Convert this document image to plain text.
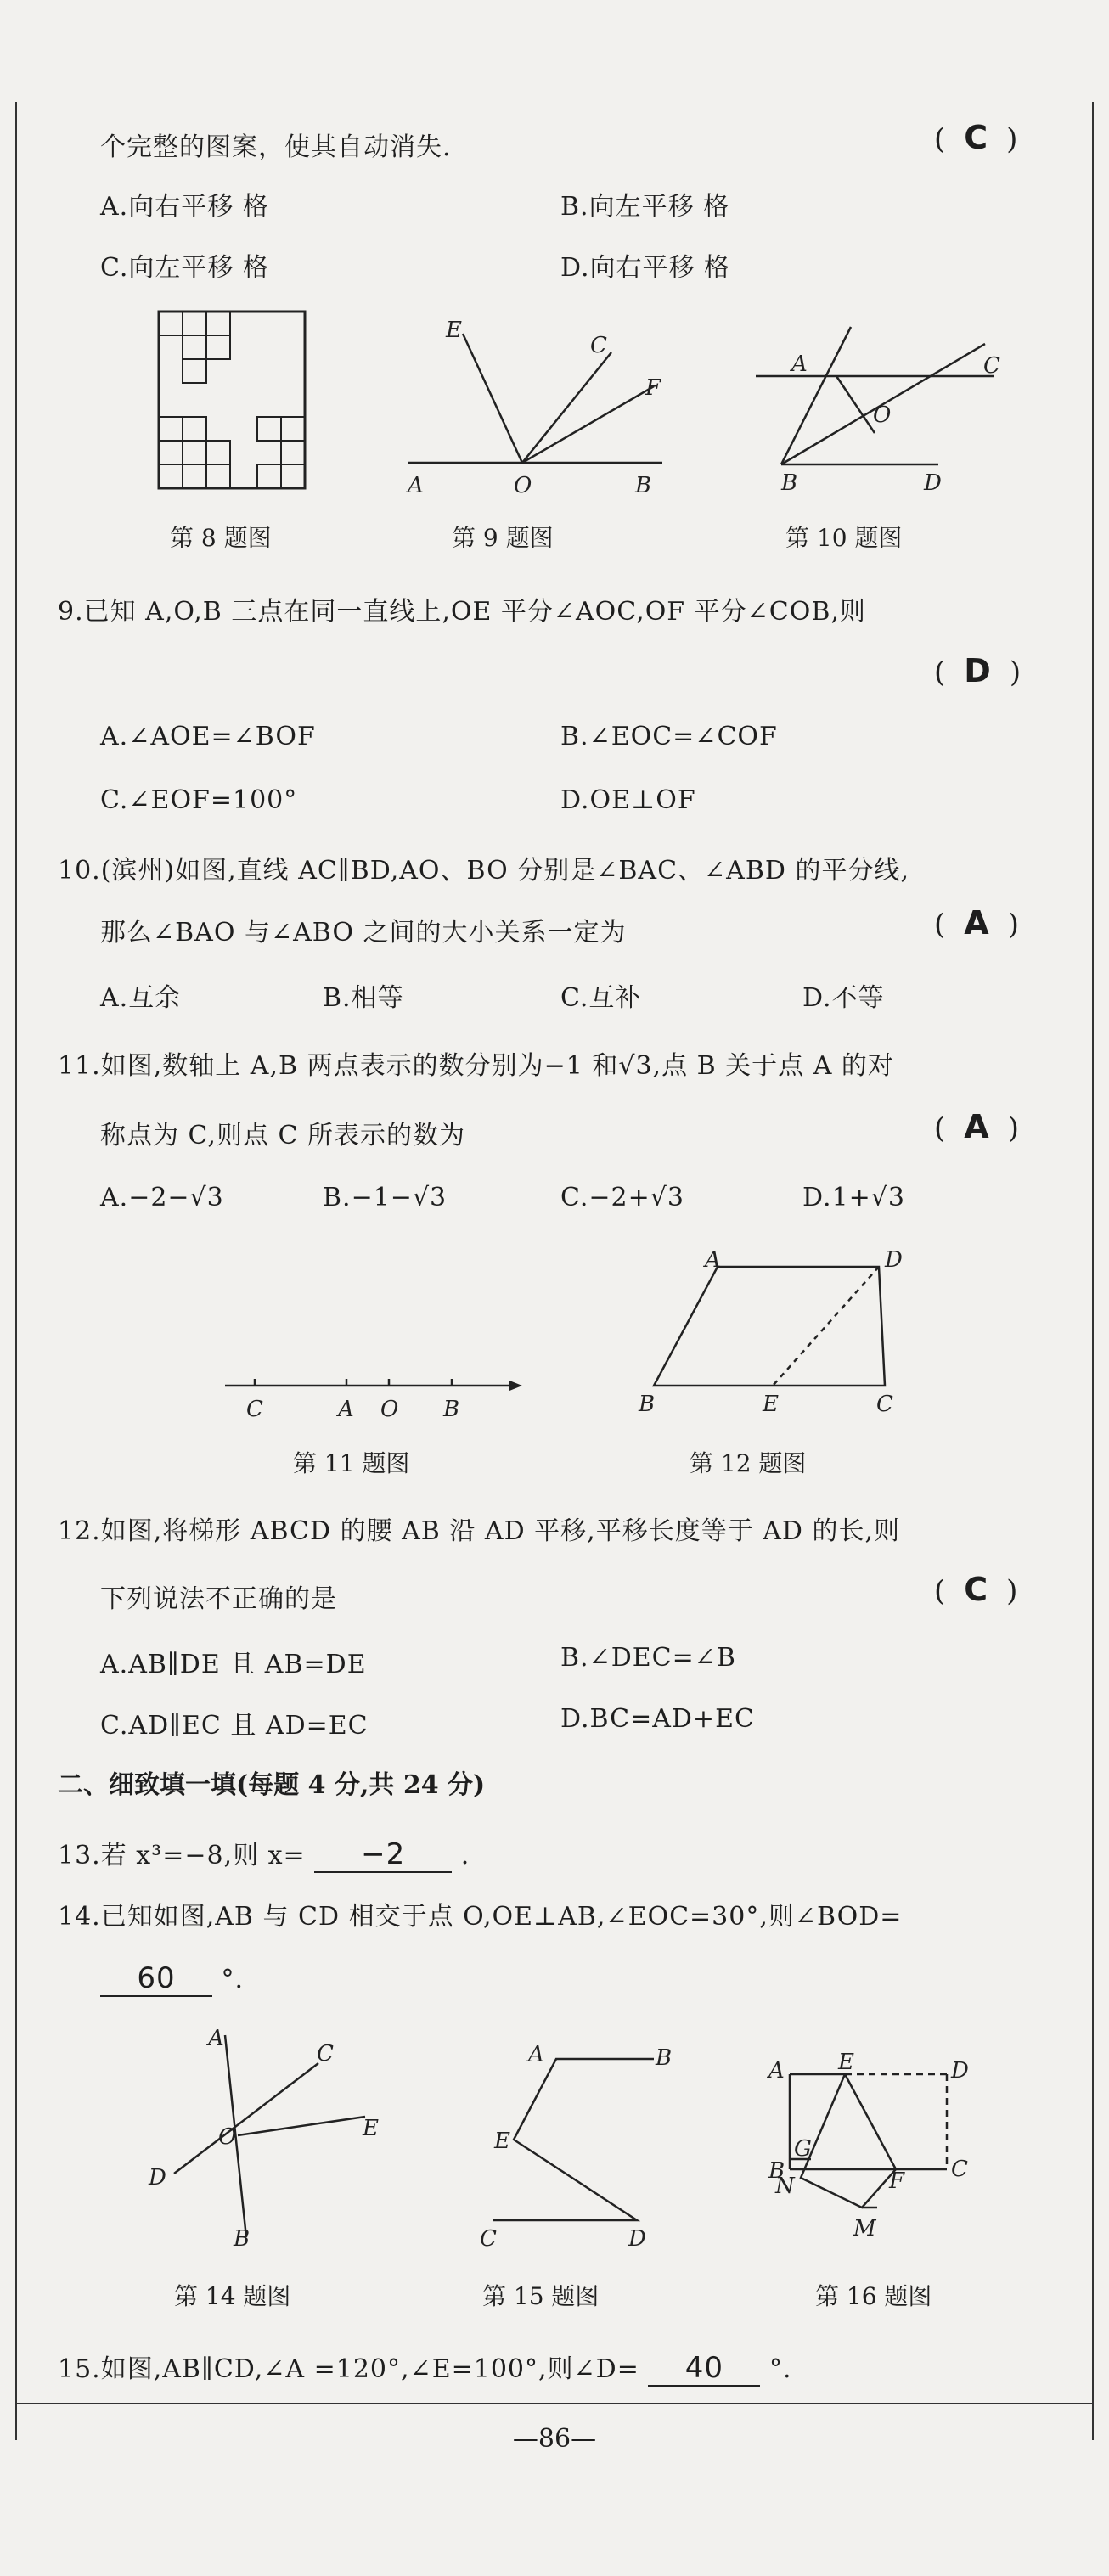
个完整的图案，使其自动消失.	( C )
A.向右平移 格	B.向左平移 格
C.向左平移 格	D.向右平移 格
E
C
F
A	O	B
A	C
O
B	D
第 8 题图	第 9 题图	第 10 题图
9.已知 A,O,B 三点在同一直线上,OE 平分∠AOC,OF 平分∠COB,则
( D )
A.∠AOE=∠BOF	B.∠EOC=∠COF
C.∠EOF=100°	D.OE⊥OF
10.(滨州)如图,直线 AC∥BD,AO、BO 分别是∠BAC、∠ABD 的平分线,
那么∠BAO 与∠ABO 之间的大小关系一定为	( A )
A.互余	B.相等	C.互补	D.不等
11.如图,数轴上 A,B 两点表示的数分别为−1 和√3,点 B 关于点 A 的对
称点为 C,则点 C 所表示的数为	( A )
A.−2−√3	B.−1−√3	C.−2+√3	D.1+√3
C	A O B
A	D
B	E	C
第 11 题图	第 12 题图
12.如图,将梯形 ABCD 的腰 AB 沿 AD 平移,平移长度等于 AD 的长,则
下列说法不正确的是	( C )
A.AB∥DE 且 AB=DE	B.∠DEC=∠B
C.AD∥EC 且 AD=EC	D.BC=AD+EC
二、细致填一填(每题 4 分,共 24 分)
13.若 x³=−8,则 x= −2 .
14.已知如图,AB 与 CD 相交于点 O,OE⊥AB,∠EOC=30°,则∠BOD=
60 °.
A
C
O	E
D
B
A	B
E
C	D
A E	D
G
B
N	F C
M
第 14 题图	第 15 题图	第 16 题图
15.如图,AB∥CD,∠A =120°,∠E=100°,则∠D= 40 °.
—86—
